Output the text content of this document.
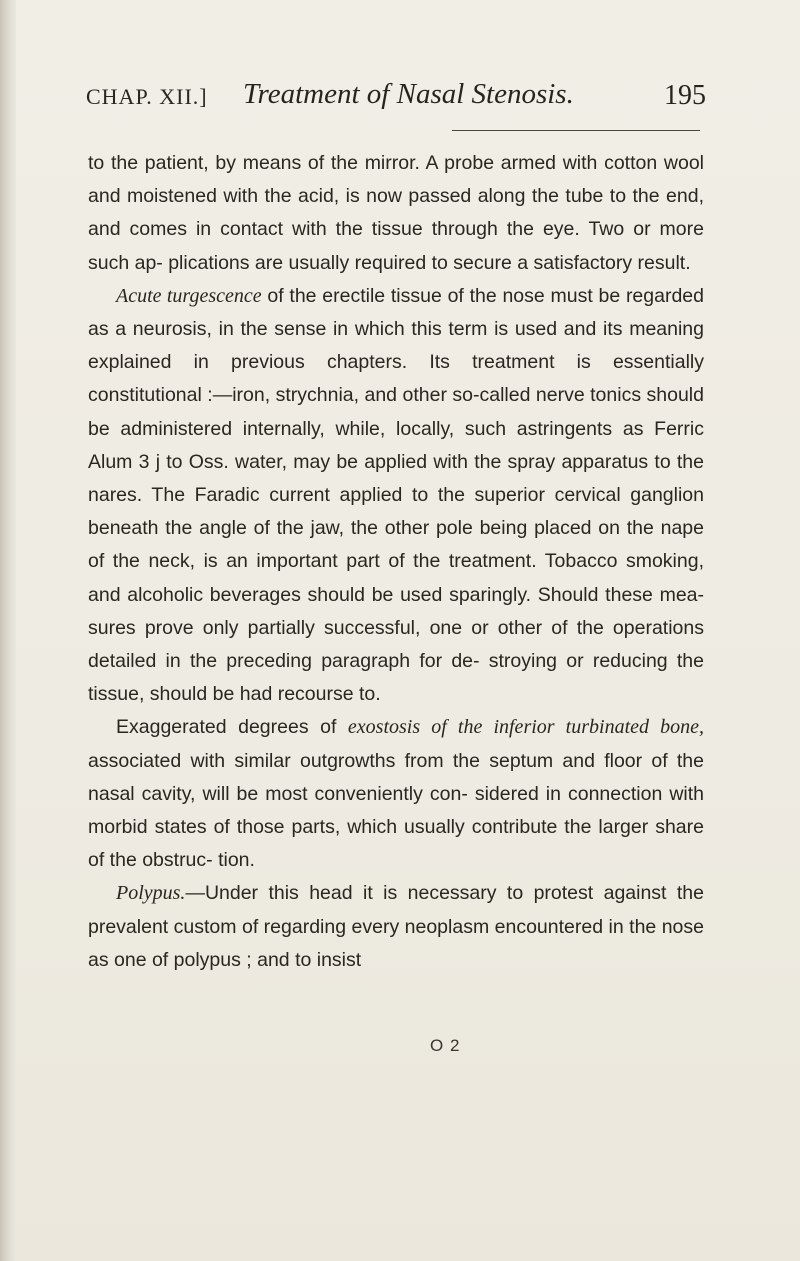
CHAP. XII.] Treatment of Nasal Stenosis.	195

to the patient, by means of the mirror. A probe armed with cotton wool and moistened with the acid, is now passed along the tube to the end, and comes in contact with the tissue through the eye. Two or more such ap- plications are usually required to secure a satisfactory result.

Acute turgescence of the erectile tissue of the nose must be regarded as a neurosis, in the sense in which this term is used and its meaning explained in previous chapters. Its treatment is essentially constitutional :—iron, strychnia, and other so-called nerve tonics should be administered internally, while, locally, such astringents as Ferric Alum 3 j to Oss. water, may be applied with the spray apparatus to the nares. The Faradic current applied to the superior cervical ganglion beneath the angle of the jaw, the other pole being placed on the nape of the neck, is an important part of the treatment. Tobacco smoking, and alcoholic beverages should be used sparingly. Should these mea- sures prove only partially successful, one or other of the operations detailed in the preceding paragraph for de- stroying or reducing the tissue, should be had recourse to.

Exaggerated degrees of exostosis of the inferior turbinated bone, associated with similar outgrowths from the septum and floor of the nasal cavity, will be most conveniently con- sidered in connection with morbid states of those parts, which usually contribute the larger share of the obstruc- tion.

Polypus.—Under this head it is necessary to protest against the prevalent custom of regarding every neoplasm encountered in the nose as one of polypus ; and to insist

O 2
